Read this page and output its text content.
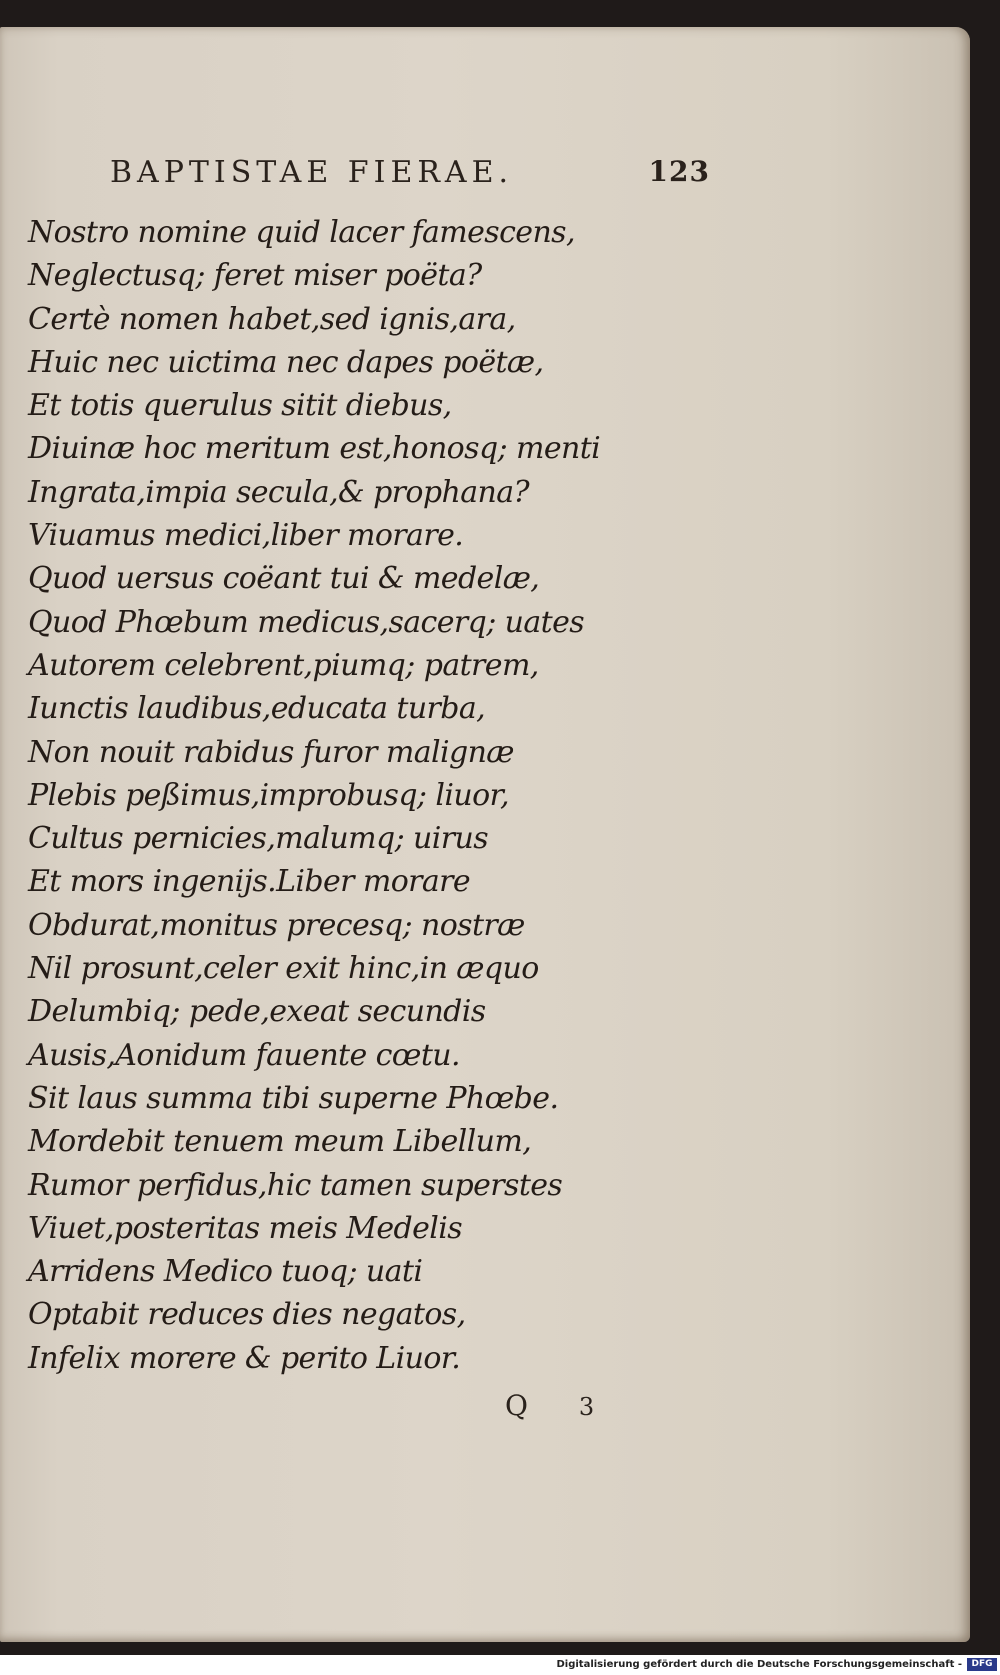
BAPTISTAE FIERAE.	123
Nostro nomine quid lacer famescens,
Neglectusq; feret miser poëta?
Certè nomen habet,sed ignis,ara,
Huic nec uictima nec dapes poëtæ,
Et totis querulus sitit diebus,
Diuinæ hoc meritum est,honosq; menti
Ingrata,impia secula,& prophana?
Viuamus medici,liber morare.
Quod uersus coëant tui & medelæ,
Quod Phœbum medicus,sacerq; uates
Autorem celebrent,piumq; patrem,
Iunctis laudibus,educata turba,
Non nouit rabidus furor malignæ
Plebis peßimus,improbusq; liuor,
Cultus pernicies,malumq; uirus
Et mors ingenijs.Liber morare
Obdurat,monitus precesq; nostræ
Nil prosunt,celer exit hinc,in æquo
Delumbiq; pede,exeat secundis
Ausis,Aonidum fauente cœtu.
Sit laus summa tibi superne Phœbe.
Mordebit tenuem meum Libellum,
Rumor perfidus,hic tamen superstes
Viuet,posteritas meis Medelis
Arridens Medico tuoq; uati
Optabit reduces dies negatos,
Infelix morere & perito Liuor.
Q 3
Digitalisierung gefördert durch die Deutsche Forschungsgemeinschaft -	DFG
